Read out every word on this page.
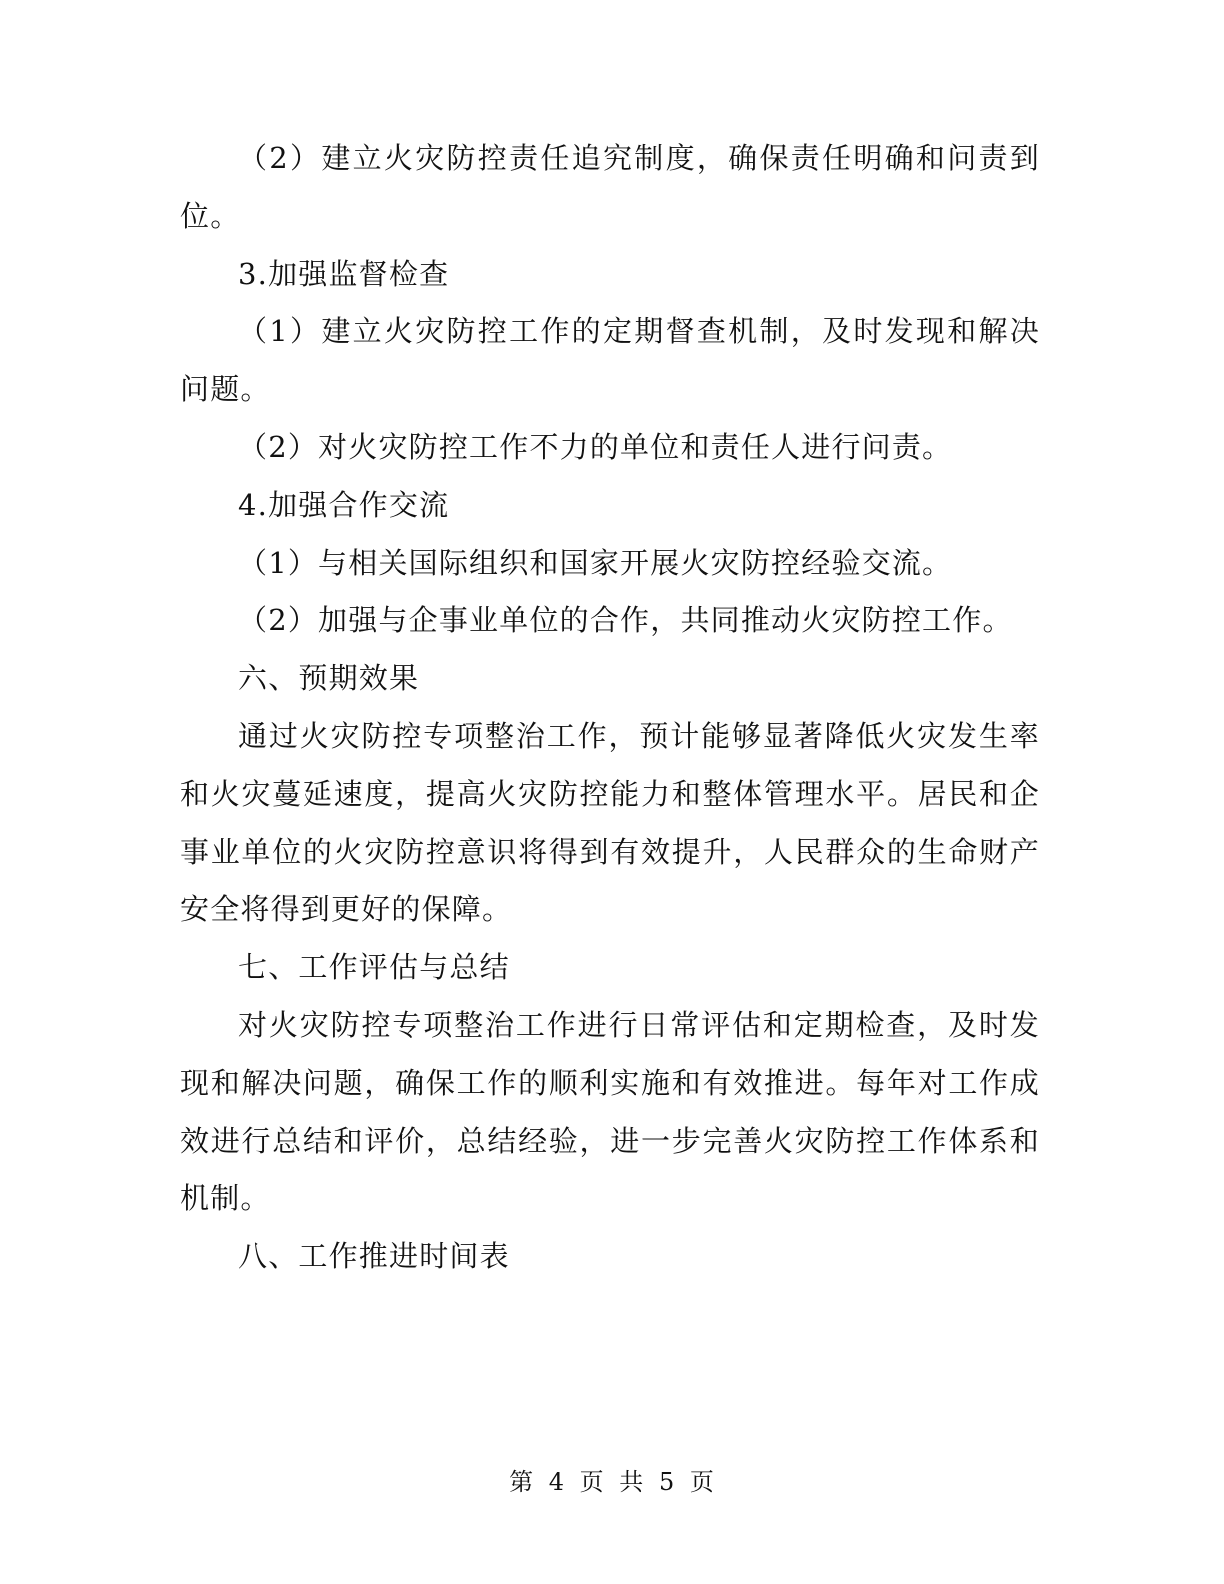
（2）建立火灾防控责任追究制度，确保责任明确和问责到位。

3.加强监督检查

（1）建立火灾防控工作的定期督查机制，及时发现和解决问题。

（2）对火灾防控工作不力的单位和责任人进行问责。

4.加强合作交流

（1）与相关国际组织和国家开展火灾防控经验交流。

（2）加强与企事业单位的合作，共同推动火灾防控工作。

六、预期效果

通过火灾防控专项整治工作，预计能够显著降低火灾发生率和火灾蔓延速度，提高火灾防控能力和整体管理水平。居民和企事业单位的火灾防控意识将得到有效提升，人民群众的生命财产安全将得到更好的保障。

七、工作评估与总结

对火灾防控专项整治工作进行日常评估和定期检查，及时发现和解决问题，确保工作的顺利实施和有效推进。每年对工作成效进行总结和评价，总结经验，进一步完善火灾防控工作体系和机制。

八、工作推进时间表

第 4 页 共 5 页
